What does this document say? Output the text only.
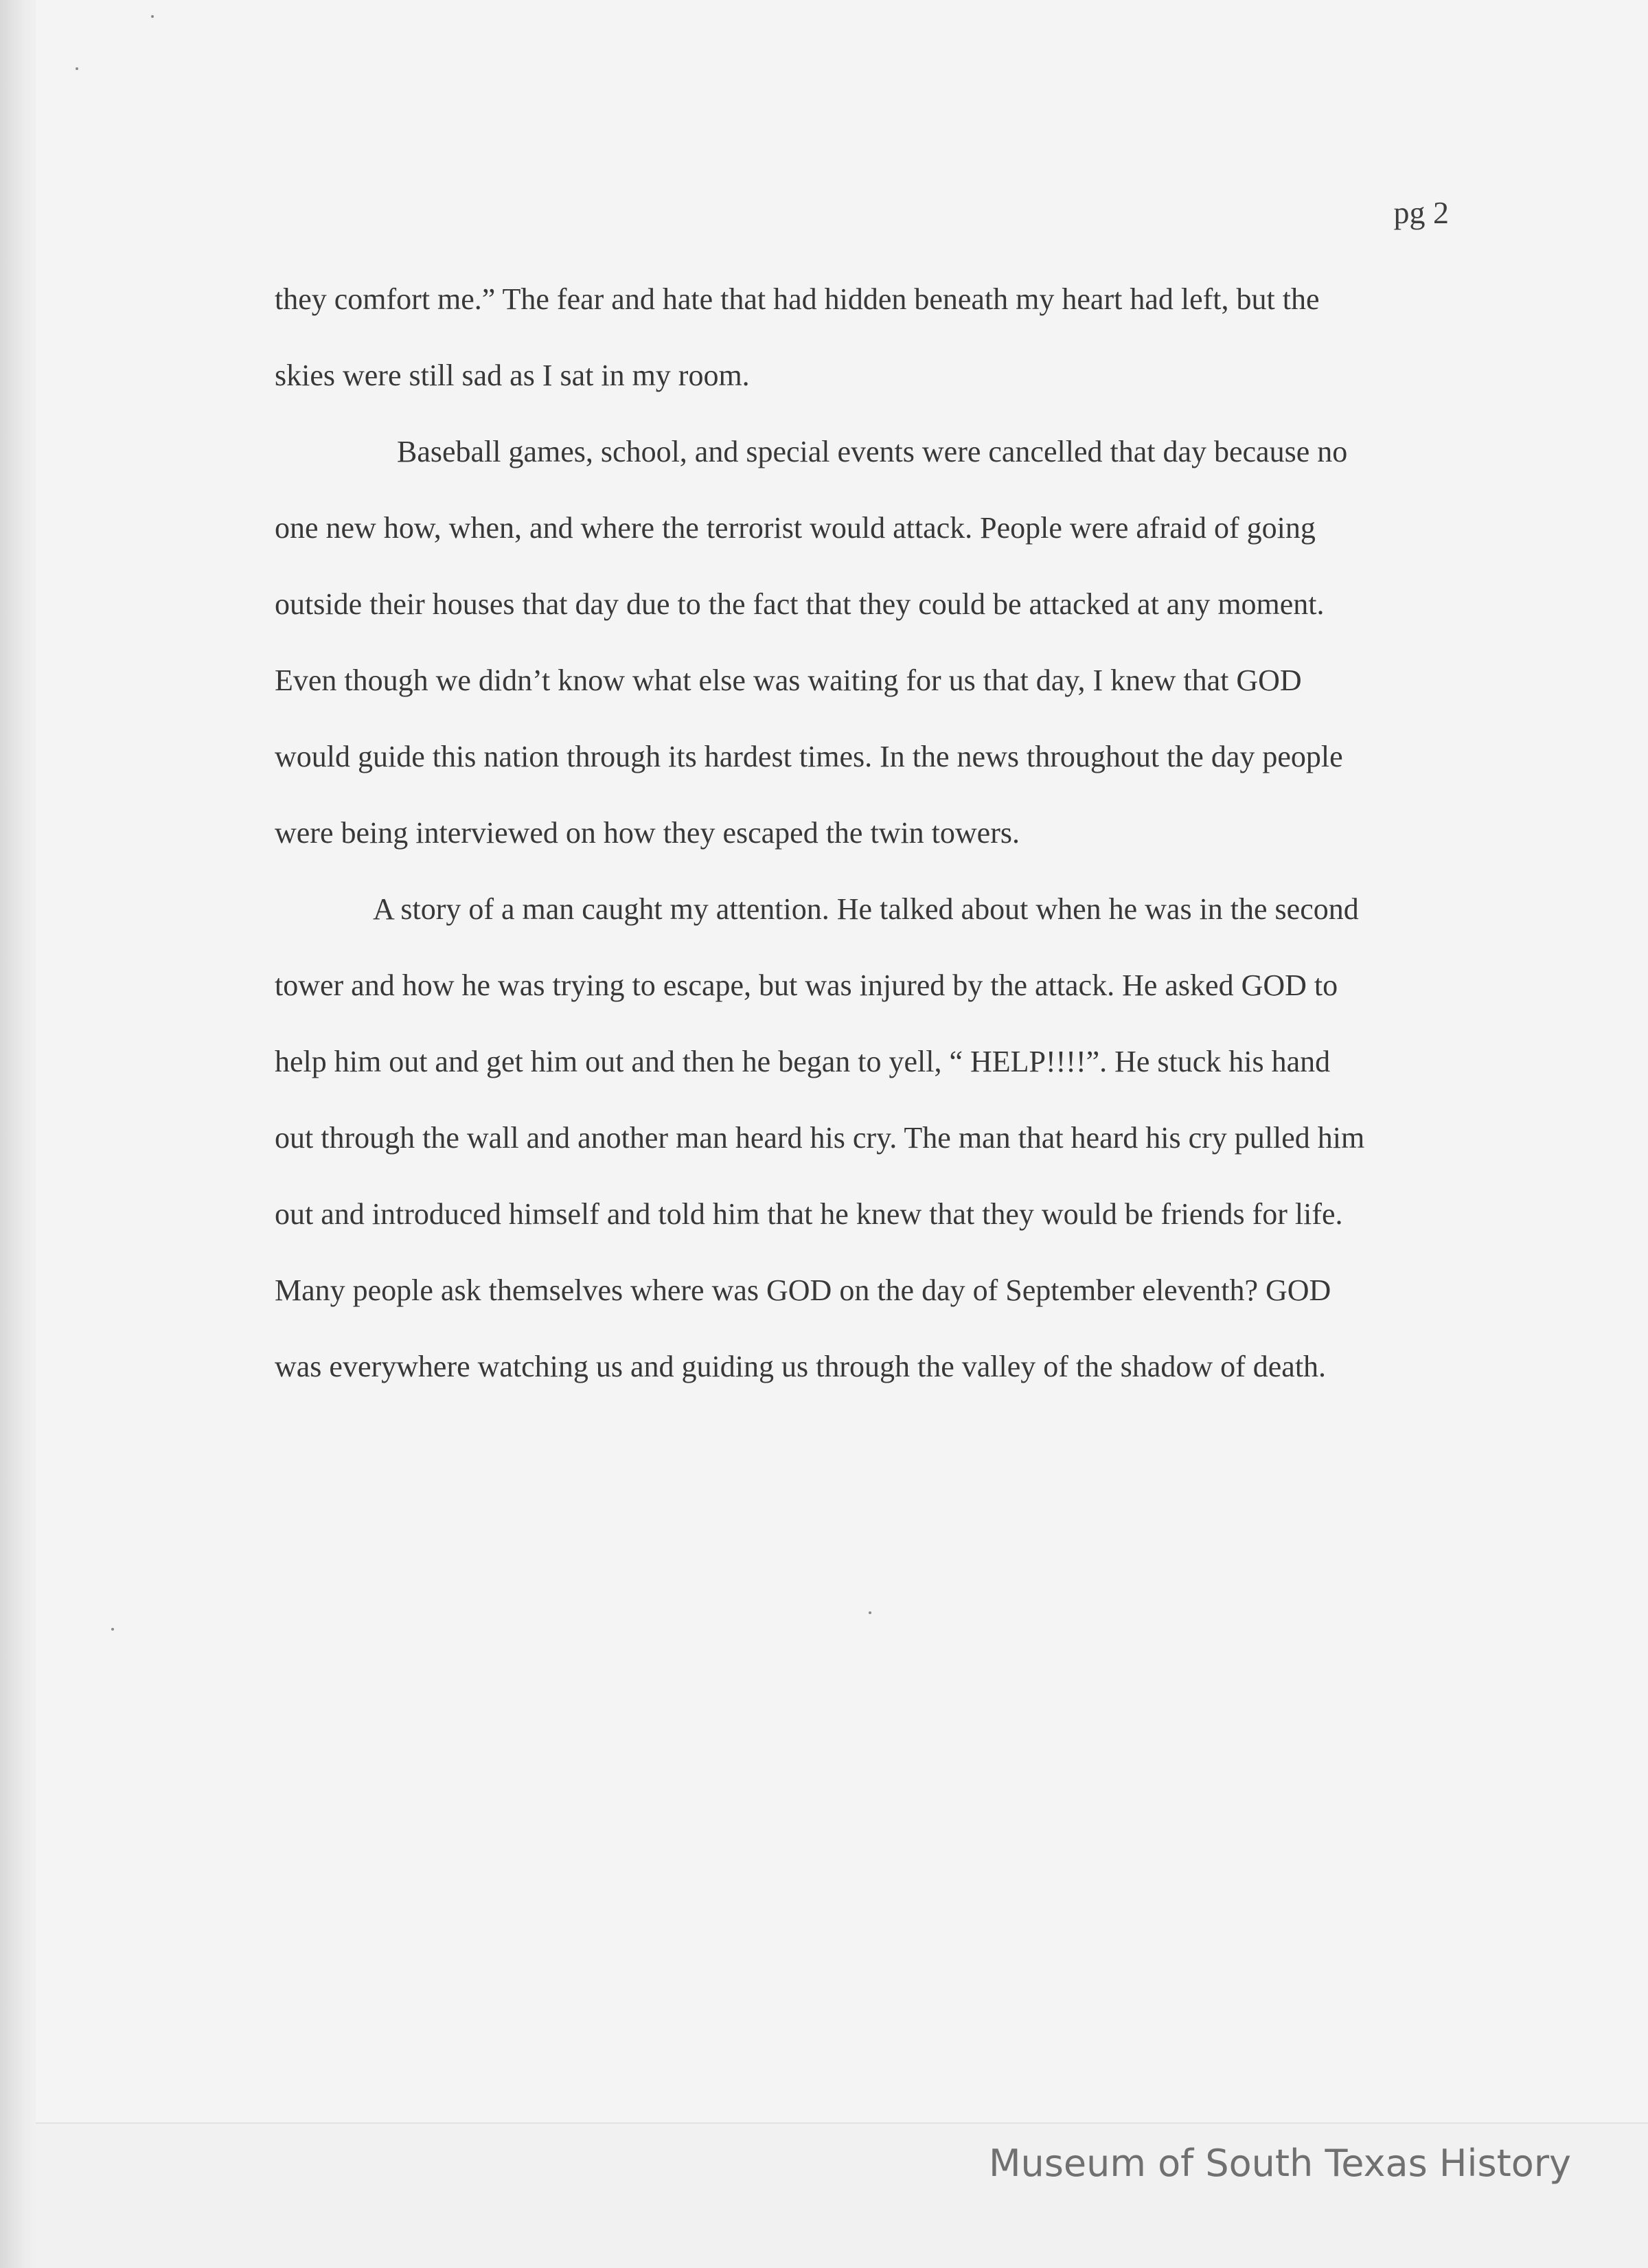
pg 2
they comfort me.” The fear and hate that had hidden beneath my heart had left, but the
skies were still sad as I sat in my room.
Baseball games, school, and special events were cancelled that day because no
one new how, when, and where the terrorist would attack. People were afraid of going
outside their houses that day due to the fact that they could be attacked at any moment.
Even though we didn’t know what else was waiting for us that day, I knew that GOD
would guide this nation through its hardest times. In the news throughout the day people
were being interviewed on how they escaped the twin towers.
A story of a man caught my attention. He talked about when he was in the second
tower and how he was trying to escape, but was injured by the attack. He asked GOD to
help him out and get him out and then he began to yell, “ HELP!!!!”. He stuck his hand
out through the wall and another man heard his cry. The man that heard his cry pulled him
out and introduced himself and told him that he knew that they would be friends for life.
Many people ask themselves where was GOD on the day of September eleventh? GOD
was everywhere watching us and guiding us through the valley of the shadow of death.
Museum of South Texas History
